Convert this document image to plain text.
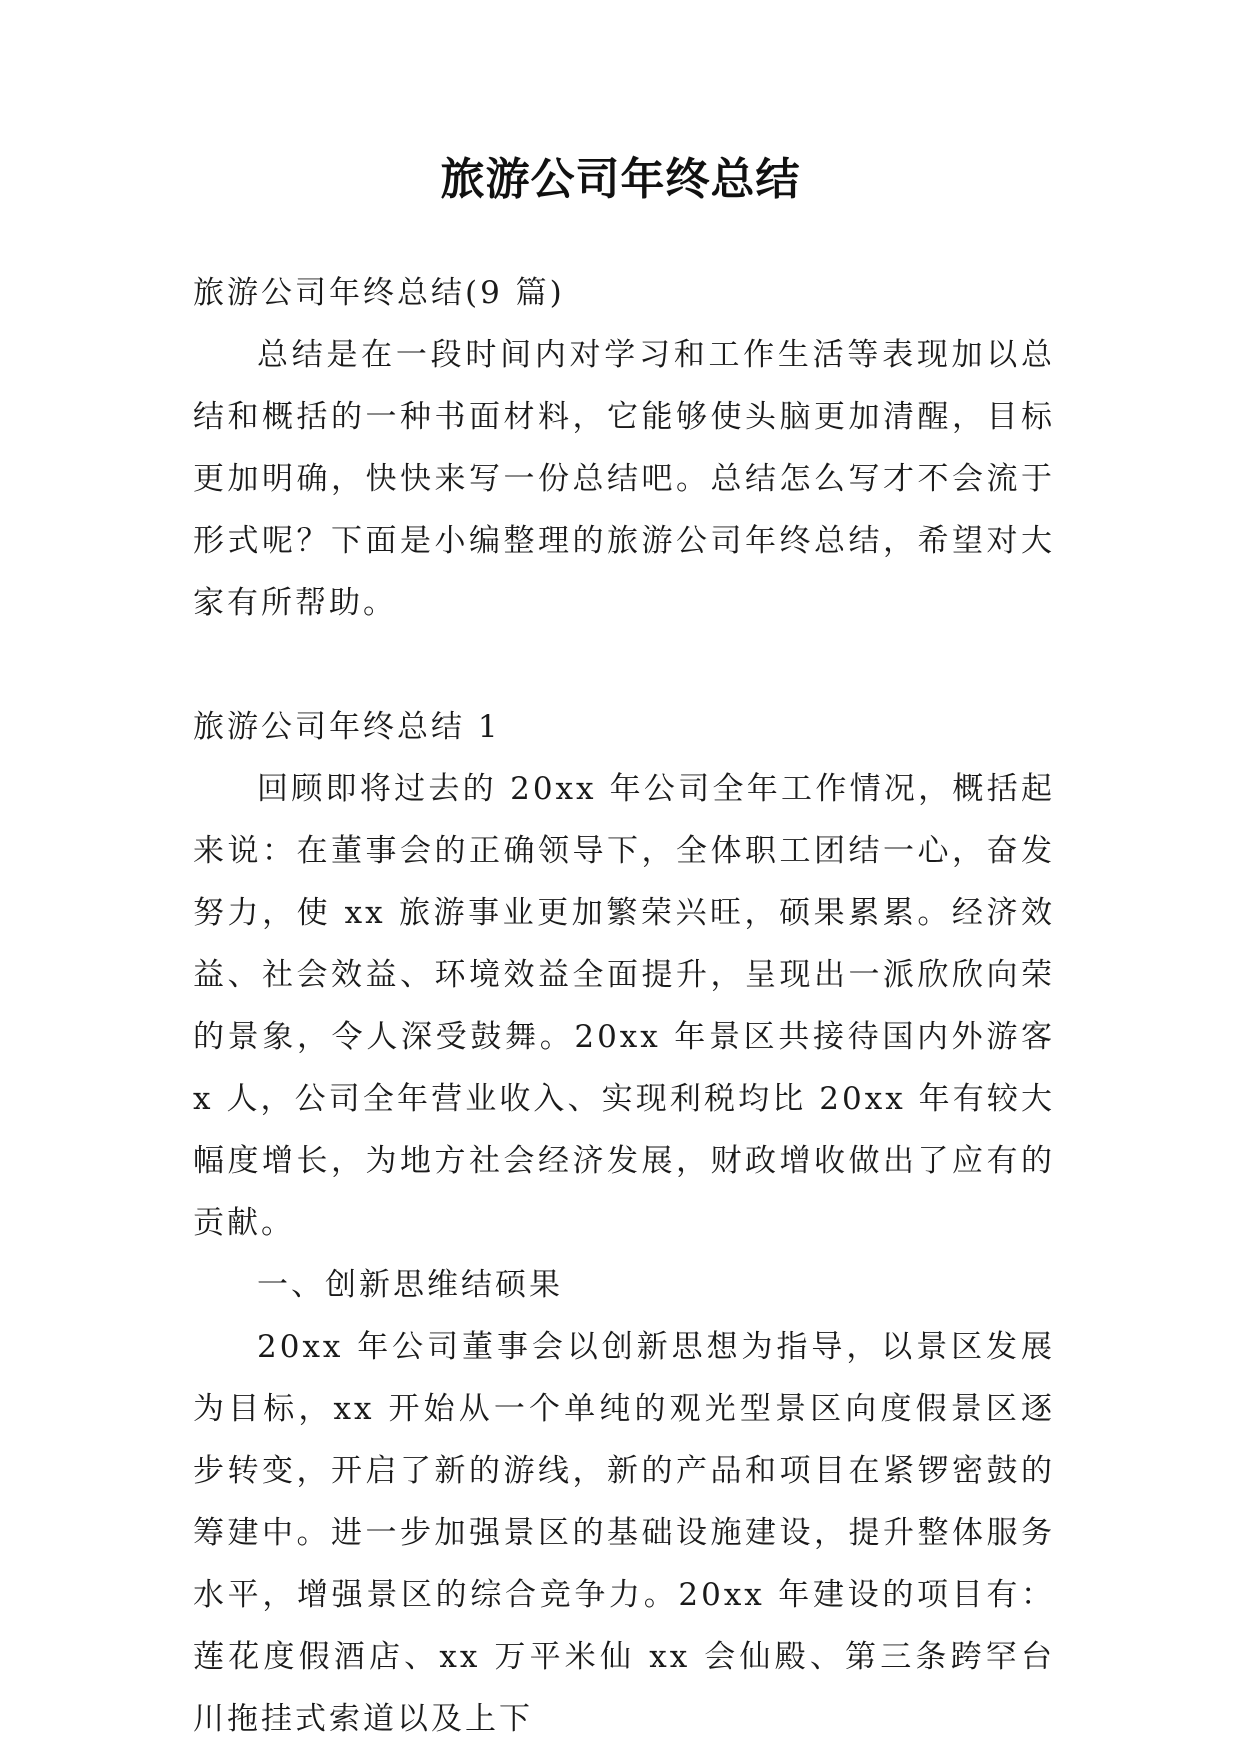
旅游公司年终总结

旅游公司年终总结(9 篇)

总结是在一段时间内对学习和工作生活等表现加以总结和概括的一种书面材料，它能够使头脑更加清醒，目标更加明确，快快来写一份总结吧。总结怎么写才不会流于形式呢？下面是小编整理的旅游公司年终总结，希望对大家有所帮助。

旅游公司年终总结 1

回顾即将过去的 20xx 年公司全年工作情况，概括起来说：在董事会的正确领导下，全体职工团结一心，奋发努力，使 xx 旅游事业更加繁荣兴旺，硕果累累。经济效益、社会效益、环境效益全面提升，呈现出一派欣欣向荣的景象，令人深受鼓舞。20xx 年景区共接待国内外游客 x 人，公司全年营业收入、实现利税均比 20xx 年有较大幅度增长，为地方社会经济发展，财政增收做出了应有的贡献。

一、创新思维结硕果

20xx 年公司董事会以创新思想为指导，以景区发展为目标，xx 开始从一个单纯的观光型景区向度假景区逐步转变，开启了新的游线，新的产品和项目在紧锣密鼓的筹建中。进一步加强景区的基础设施建设，提升整体服务水平，增强景区的综合竞争力。20xx 年建设的项目有：莲花度假酒店、xx 万平米仙 xx 会仙殿、第三条跨罕台川拖挂式索道以及上下
